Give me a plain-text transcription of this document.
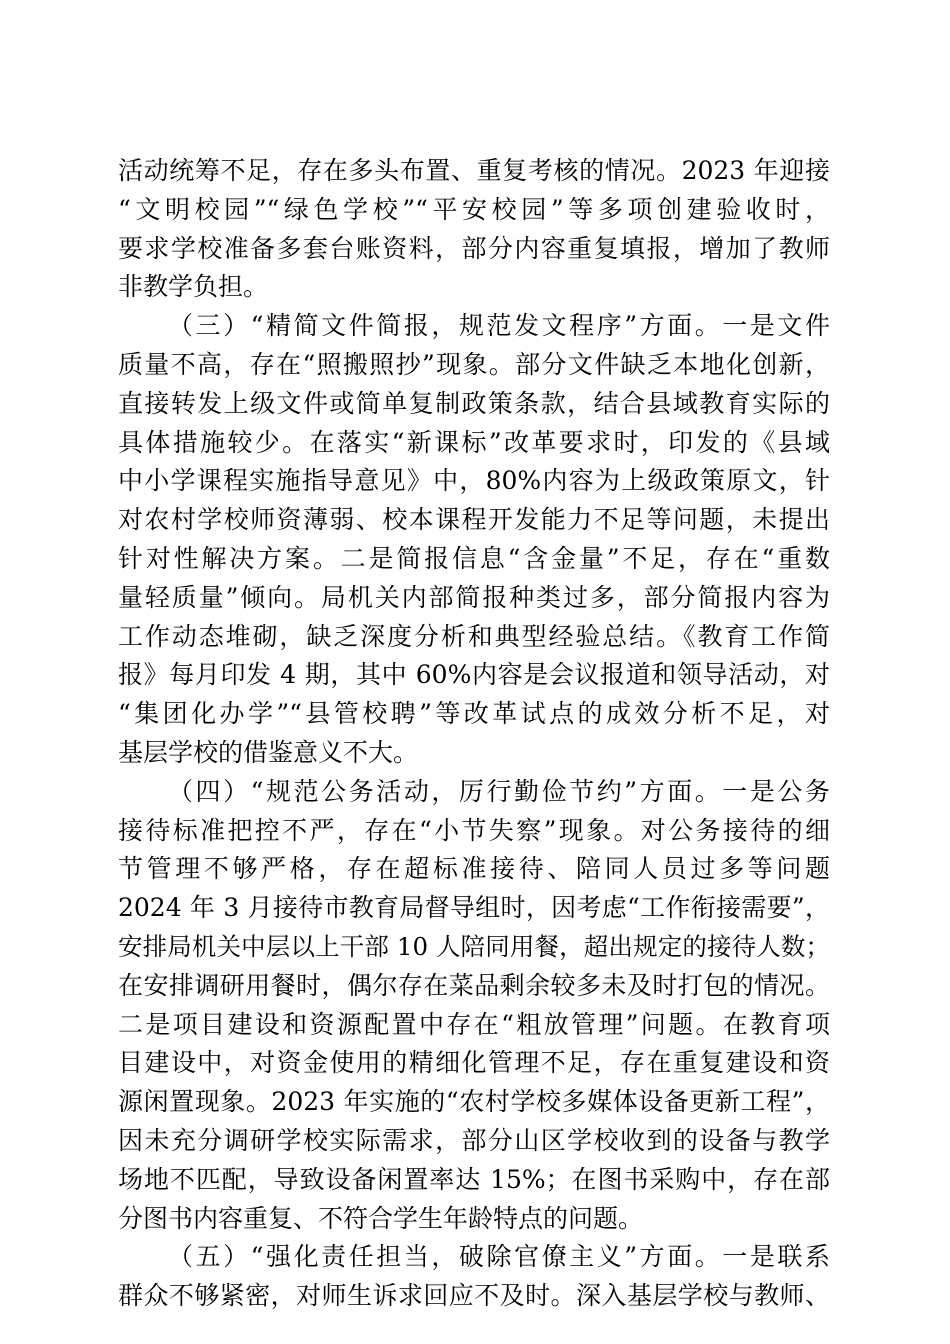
活动统筹不足，存在多头布置、重复考核的情况。2023 年迎接
“文明校园”“绿色学校”“平安校园”等多项创建验收时，
要求学校准备多套台账资料，部分内容重复填报，增加了教师
非教学负担。
（三）“精简文件简报，规范发文程序”方面。一是文件
质量不高，存在“照搬照抄”现象。部分文件缺乏本地化创新，
直接转发上级文件或简单复制政策条款，结合县域教育实际的
具体措施较少。在落实“新课标”改革要求时，印发的《县域
中小学课程实施指导意见》中，80%内容为上级政策原文，针
对农村学校师资薄弱、校本课程开发能力不足等问题，未提出
针对性解决方案。二是简报信息“含金量”不足，存在“重数
量轻质量”倾向。局机关内部简报种类过多，部分简报内容为
工作动态堆砌，缺乏深度分析和典型经验总结。《教育工作简
报》每月印发 4 期，其中 60%内容是会议报道和领导活动，对
“集团化办学”“县管校聘”等改革试点的成效分析不足，对
基层学校的借鉴意义不大。
（四）“规范公务活动，厉行勤俭节约”方面。一是公务
接待标准把控不严，存在“小节失察”现象。对公务接待的细
节管理不够严格，存在超标准接待、陪同人员过多等问题
2024 年 3 月接待市教育局督导组时，因考虑“工作衔接需要”，
安排局机关中层以上干部 10 人陪同用餐，超出规定的接待人数；
在安排调研用餐时，偶尔存在菜品剩余较多未及时打包的情况。
二是项目建设和资源配置中存在“粗放管理”问题。在教育项
目建设中，对资金使用的精细化管理不足，存在重复建设和资
源闲置现象。2023 年实施的“农村学校多媒体设备更新工程”，
因未充分调研学校实际需求，部分山区学校收到的设备与教学
场地不匹配，导致设备闲置率达 15%；在图书采购中，存在部
分图书内容重复、不符合学生年龄特点的问题。
（五）“强化责任担当，破除官僚主义”方面。一是联系
群众不够紧密，对师生诉求回应不及时。深入基层学校与教师、
